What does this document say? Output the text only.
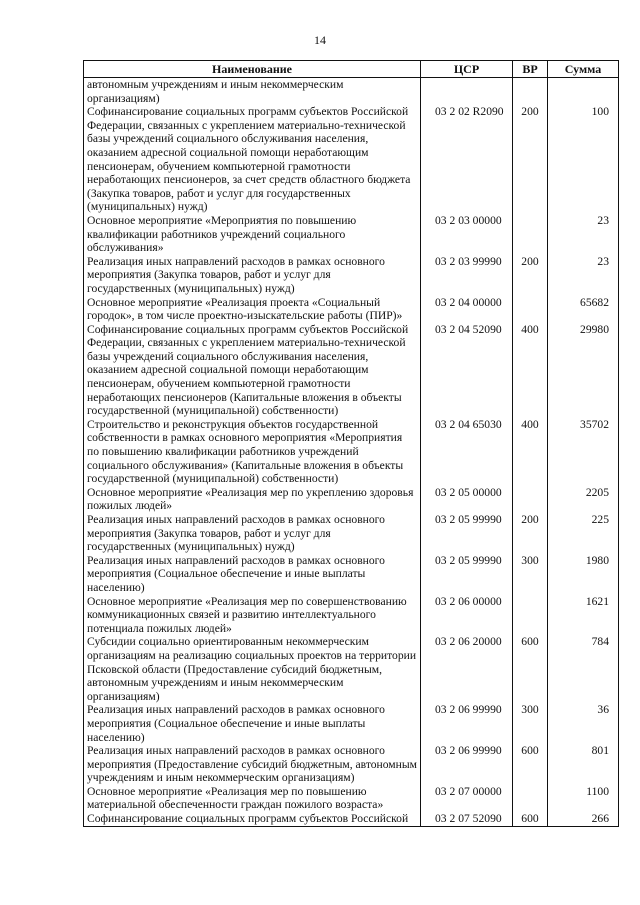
14
Наименование	ЦСР	ВР	Сумма
автономным учреждениям и иным некоммерческим организациям)			
Софинансирование социальных программ субъектов Российской Федерации, связанных с укреплением материально-технической базы учреждений социального обслуживания населения, оказанием адресной социальной помощи неработающим пенсионерам, обучением компьютерной грамотности неработающих пенсионеров, за счет средств областного бюджета (Закупка товаров, работ и услуг для государственных (муниципальных) нужд)	03 2 02 R2090	200	100
Основное мероприятие «Мероприятия по повышению квалификации работников учреждений социального обслуживания»	03 2 03 00000		23
Реализация иных направлений расходов в рамках основного мероприятия (Закупка товаров, работ и услуг для государственных (муниципальных) нужд)	03 2 03 99990	200	23
Основное мероприятие «Реализация проекта «Социальный городок», в том числе проектно-изыскательские работы (ПИР)»	03 2 04 00000		65682
Софинансирование социальных программ субъектов Российской Федерации, связанных с укреплением материально-технической базы учреждений социального обслуживания населения, оказанием адресной социальной помощи неработающим пенсионерам, обучением компьютерной грамотности неработающих пенсионеров (Капитальные вложения в объекты государственной (муниципальной) собственности)	03 2 04 52090	400	29980
Строительство и реконструкция объектов государственной собственности в рамках основного мероприятия «Мероприятия по повышению квалификации работников учреждений социального обслуживания» (Капитальные вложения в объекты государственной (муниципальной) собственности)	03 2 04 65030	400	35702
Основное мероприятие «Реализация мер по укреплению здоровья пожилых людей»	03 2 05 00000		2205
Реализация иных направлений расходов в рамках основного мероприятия (Закупка товаров, работ и услуг для государственных (муниципальных) нужд)	03 2 05 99990	200	225
Реализация иных направлений расходов в рамках основного мероприятия (Социальное обеспечение и иные выплаты населению)	03 2 05 99990	300	1980
Основное мероприятие «Реализация мер по совершенствованию коммуникационных связей и развитию интеллектуального потенциала пожилых людей»	03 2 06 00000		1621
Субсидии социально ориентированным некоммерческим организациям на реализацию социальных проектов на территории Псковской области (Предоставление субсидий бюджетным, автономным учреждениям и иным некоммерческим организациям)	03 2 06 20000	600	784
Реализация иных направлений расходов в рамках основного мероприятия (Социальное обеспечение и иные выплаты населению)	03 2 06 99990	300	36
Реализация иных направлений расходов в рамках основного мероприятия (Предоставление субсидий бюджетным, автономным учреждениям и иным некоммерческим организациям)	03 2 06 99990	600	801
Основное мероприятие «Реализация мер по повышению материальной обеспеченности граждан пожилого возраста»	03 2 07 00000		1100
Софинансирование социальных программ субъектов Российской	03 2 07 52090	600	266
